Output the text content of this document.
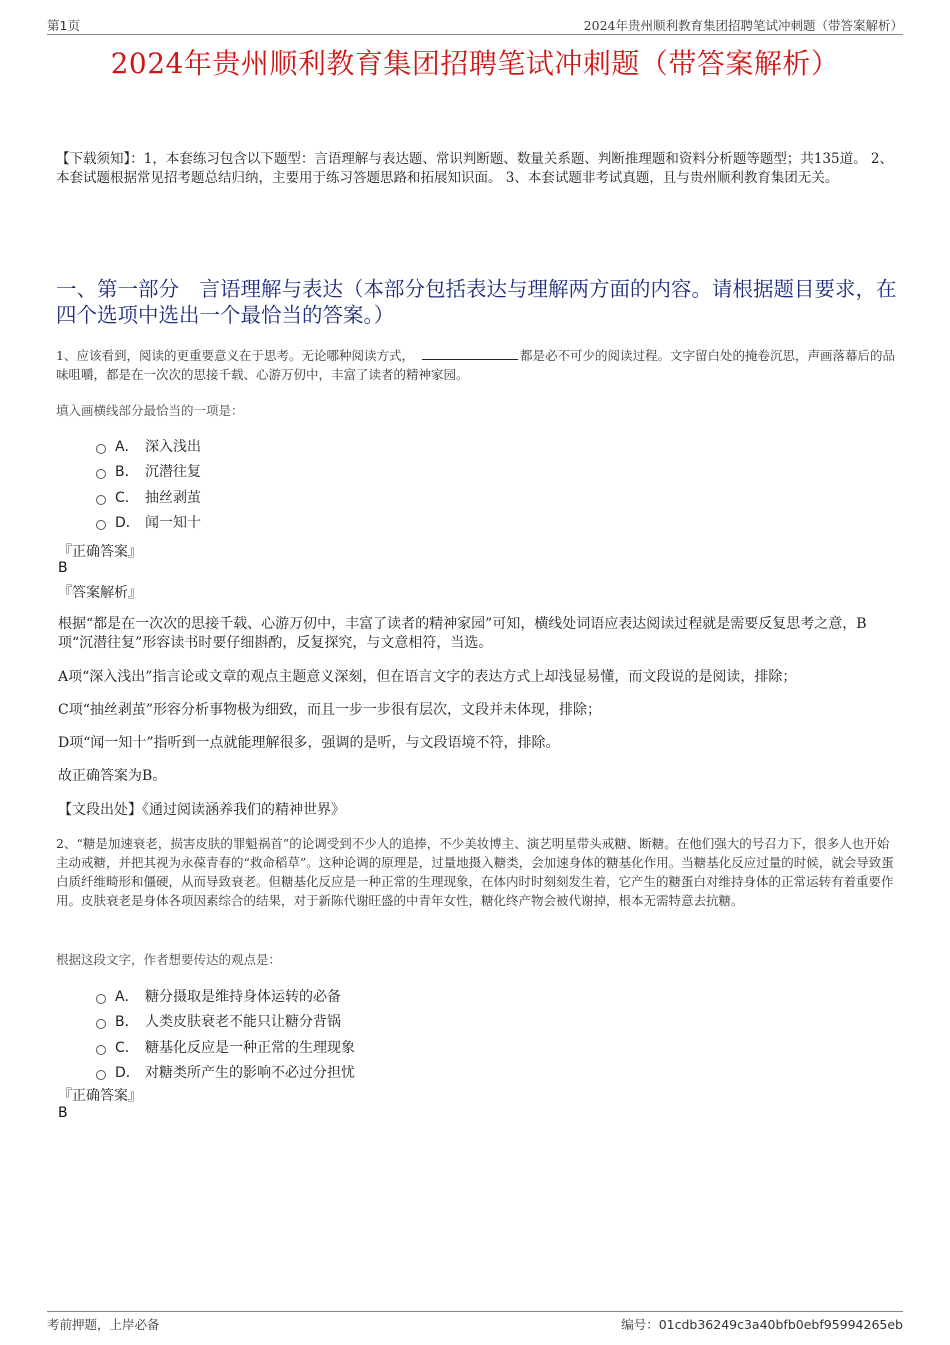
第1页	2024年贵州顺利教育集团招聘笔试冲刺题（带答案解析）
2024年贵州顺利教育集团招聘笔试冲刺题（带答案解析）
【下载须知】：1，本套练习包含以下题型：言语理解与表达题、常识判断题、数量关系题、判断推理题和资料分析题等题型；共135道。 2、本套试题根据常见招考题总结归纳，主要用于练习答题思路和拓展知识面。 3、本套试题非考试真题，且与贵州顺利教育集团无关。
一、第一部分　言语理解与表达（本部分包括表达与理解两方面的内容。请根据题目要求，在四个选项中选出一个最恰当的答案。）
1、应该看到，阅读的更重要意义在于思考。无论哪种阅读方式，	都是必不可少的阅读过程。文字留白处的掩卷沉思，声画落幕后的品味咀嚼，都是在一次次的思接千载、心游万仞中，丰富了读者的精神家园。
填入画横线部分最恰当的一项是：
A． 深入浅出
B． 沉潜往复
C． 抽丝剥茧
D． 闻一知十
『正确答案』
B
『答案解析』
根据“都是在一次次的思接千载、心游万仞中，丰富了读者的精神家园”可知，横线处词语应表达阅读过程就是需要反复思考之意，B项“沉潜往复”形容读书时要仔细斟酌，反复探究，与文意相符，当选。
A项“深入浅出”指言论或文章的观点主题意义深刻，但在语言文字的表达方式上却浅显易懂，而文段说的是阅读，排除；
C项“抽丝剥茧”形容分析事物极为细致，而且一步一步很有层次，文段并未体现，排除；
D项“闻一知十”指听到一点就能理解很多，强调的是听，与文段语境不符，排除。
故正确答案为B。
【文段出处】《通过阅读涵养我们的精神世界》
2、“糖是加速衰老，损害皮肤的罪魁祸首”的论调受到不少人的追捧，不少美妆博主、演艺明星带头戒糖、断糖。在他们强大的号召力下，很多人也开始主动戒糖，并把其视为永葆青春的“救命稻草”。这种论调的原理是，过量地摄入糖类，会加速身体的糖基化作用。当糖基化反应过量的时候，就会导致蛋白质纤维畸形和僵硬，从而导致衰老。但糖基化反应是一种正常的生理现象，在体内时时刻刻发生着，它产生的糖蛋白对维持身体的正常运转有着重要作用。皮肤衰老是身体各项因素综合的结果，对于新陈代谢旺盛的中青年女性，糖化终产物会被代谢掉，根本无需特意去抗糖。
根据这段文字，作者想要传达的观点是：
A． 糖分摄取是维持身体运转的必备
B． 人类皮肤衰老不能只让糖分背锅
C． 糖基化反应是一种正常的生理现象
D． 对糖类所产生的影响不必过分担忧
『正确答案』
B
考前押题，上岸必备	编号：01cdb36249c3a40bfb0ebf95994265eb
